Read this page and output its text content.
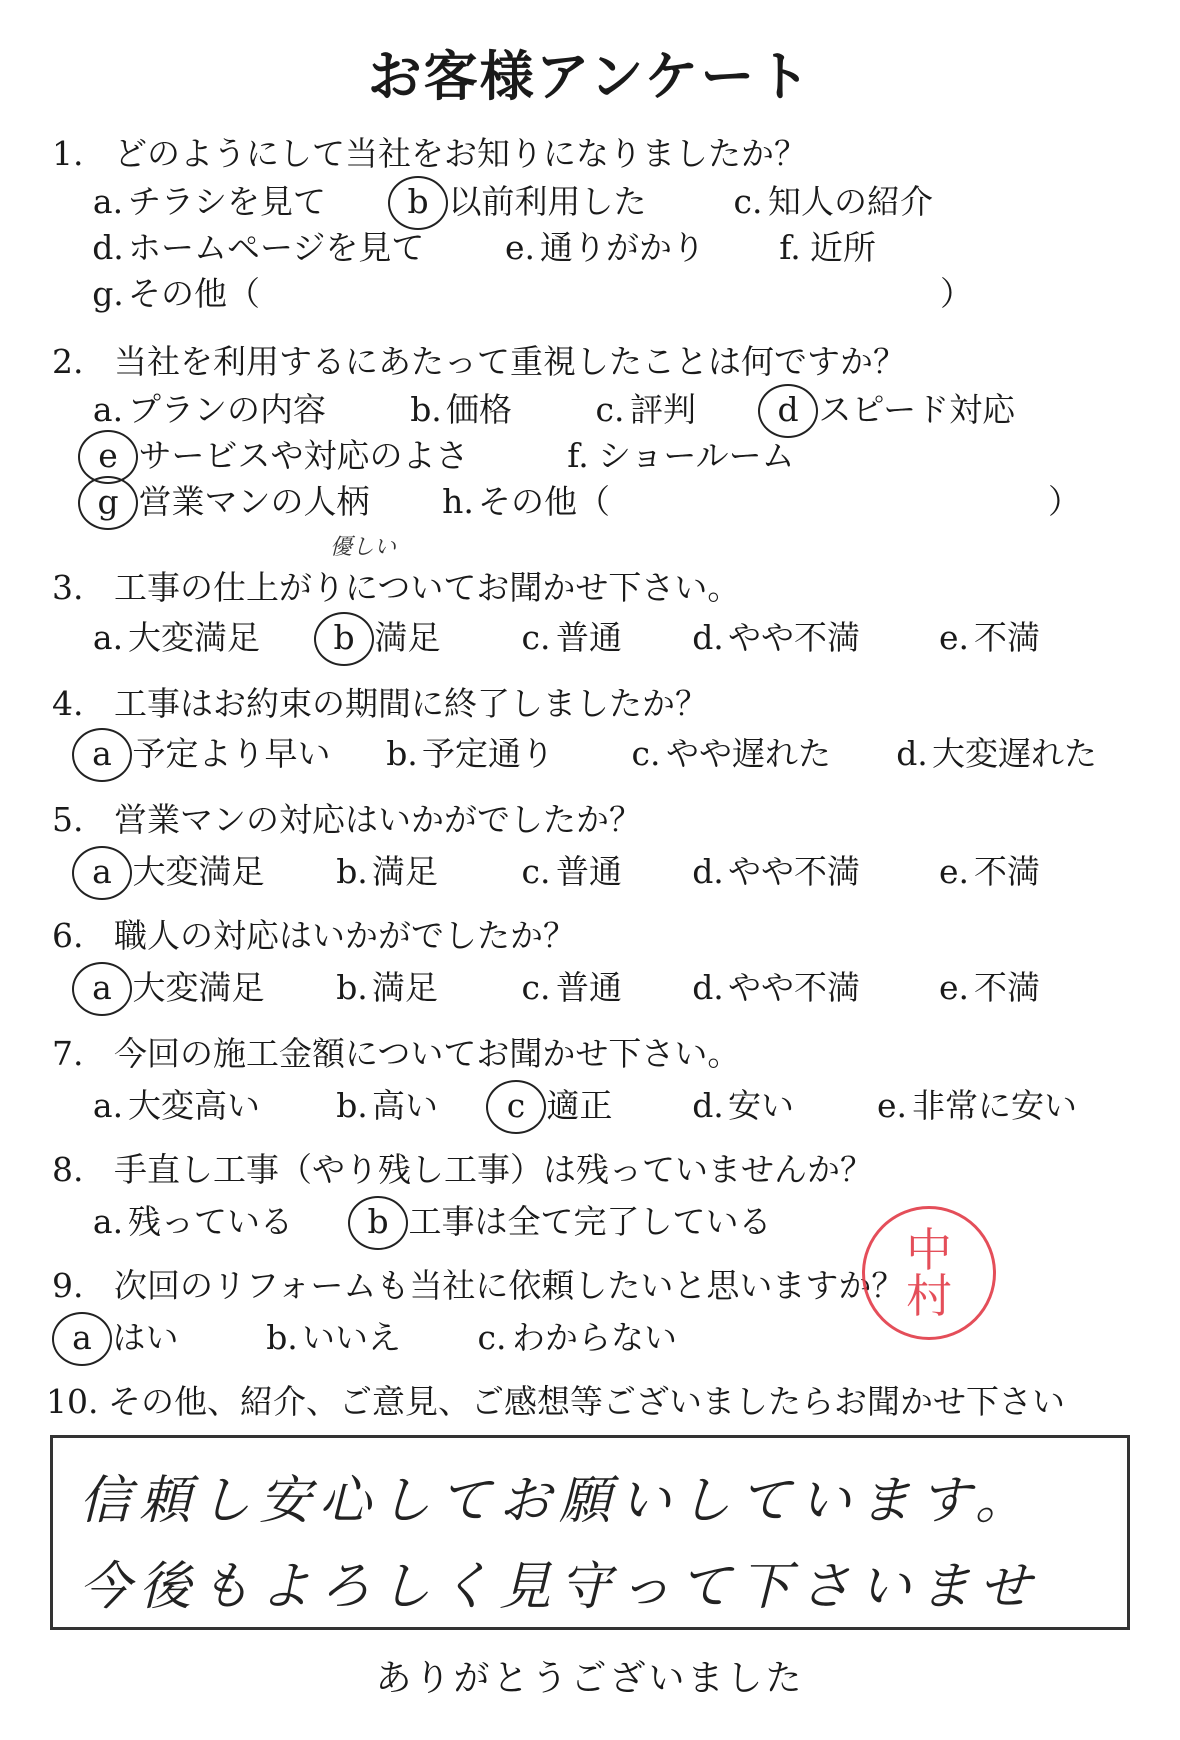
お客様アンケート
1. どのようにして当社をお知りになりましたか？
a. チラシを見て b 以前利用した	c. 知人の紹介
d. ホームページを見て e. 通りがかり f. 近所
g. その他（	）
2. 当社を利用するにあたって重視したことは何ですか？
a. プランの内容	b. 価格	c. 評判 d スピード対応
e サービスや対応のよさ	f. ショールーム
g 営業マンの人柄 h. その他（	）
優しい
3. 工事の仕上がりについてお聞かせ下さい。
a. 大変満足 b 満足 c. 普通 d. やや不満 e. 不満
4. 工事はお約束の期間に終了しましたか？
a 予定より早い b. 予定通り c. やや遅れた d. 大変遅れた
5. 営業マンの対応はいかがでしたか？
a 大変満足 b. 満足	c. 普通 d. やや不満 e. 不満
6. 職人の対応はいかがでしたか？
a 大変満足 b. 満足	c. 普通 d. やや不満 e. 不満
7. 今回の施工金額についてお聞かせ下さい。
a. 大変高い b. 高い	c 適正 d. 安い	e. 非常に安い
8. 手直し工事（やり残し工事）は残っていませんか？
a. 残っている b 工事は全て完了している
9. 次回のリフォームも当社に依頼したいと思いますか？
a はい	b. いいえ c. わからない
中
村
10. その他、紹介、ご意見、ご感想等ございましたらお聞かせ下さい
信頼し安心してお願いしています。
今後もよろしく見守って下さいませ
ありがとうございました
